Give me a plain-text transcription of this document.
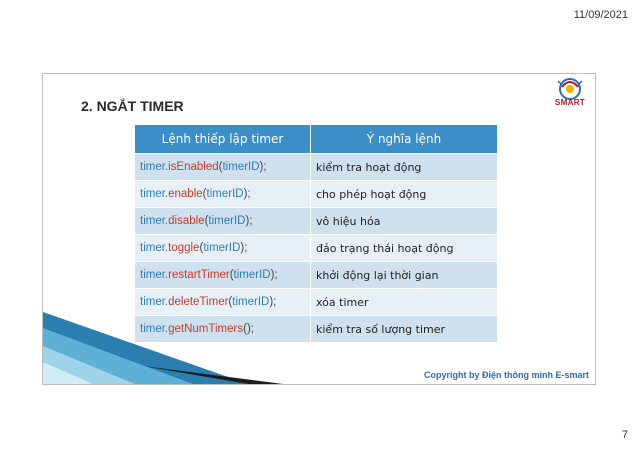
11/09/2021
2. NGẮT TIMER	SMART
Lệnh thiếp lập timer	Ý nghĩa lệnh
timer.isEnabled(timerID);	kiểm tra hoạt động
timer.enable(timerID);	cho phép hoạt động
timer.disable(timerID);	vô hiệu hóa
timer.toggle(timerID);	đảo trạng thái hoạt động
timer.restartTimer(timerID);	khởi động lại thời gian
timer.deleteTimer(timerID);	xóa timer
timer.getNumTimers();	kiểm tra số lượng timer
Copyright by Điện thông minh E-smart
7
